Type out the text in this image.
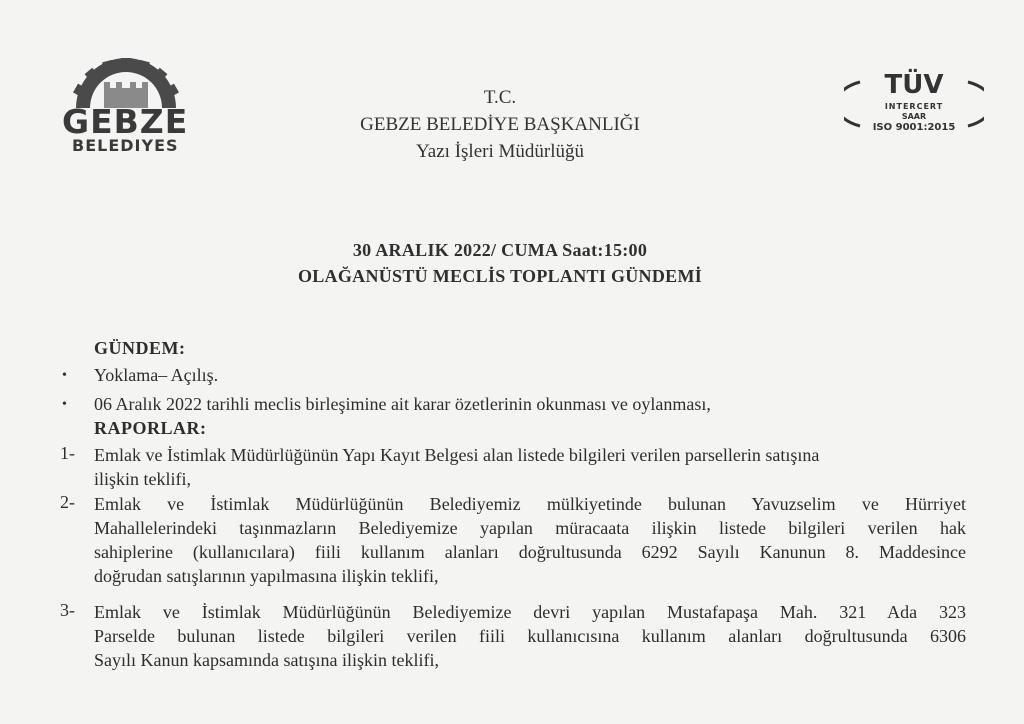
GEBZE
BELEDIYES
T.C.
GEBZE BELEDİYE BAŞKANLIĞI
Yazı İşleri Müdürlüğü
TÜV
INTERCERT
SAAR
ISO 9001:2015
30 ARALIK 2022/ CUMA Saat:15:00
OLAĞANÜSTÜ MECLİS TOPLANTI GÜNDEMİ
GÜNDEM:
• Yoklama– Açılış.
• 06 Aralık 2022 tarihli meclis birleşimine ait karar özetlerinin okunması ve oylanması,
RAPORLAR:
1- Emlak ve İstimlak Müdürlüğünün Yapı Kayıt Belgesi alan listede bilgileri verilen parsellerin satışına
ilişkin teklifi,
2- Emlak ve İstimlak Müdürlüğünün Belediyemiz mülkiyetinde bulunan Yavuzselim ve Hürriyet
Mahallelerindeki taşınmazların Belediyemize yapılan müracaata ilişkin listede bilgileri verilen hak
sahiplerine (kullanıcılara) fiili kullanım alanları doğrultusunda 6292 Sayılı Kanunun 8. Maddesince
doğrudan satışlarının yapılmasına ilişkin teklifi,
3- Emlak ve İstimlak Müdürlüğünün Belediyemize devri yapılan Mustafapaşa Mah. 321 Ada 323
Parselde bulunan listede bilgileri verilen fiili kullanıcısına kullanım alanları doğrultusunda 6306
Sayılı Kanun kapsamında satışına ilişkin teklifi,
